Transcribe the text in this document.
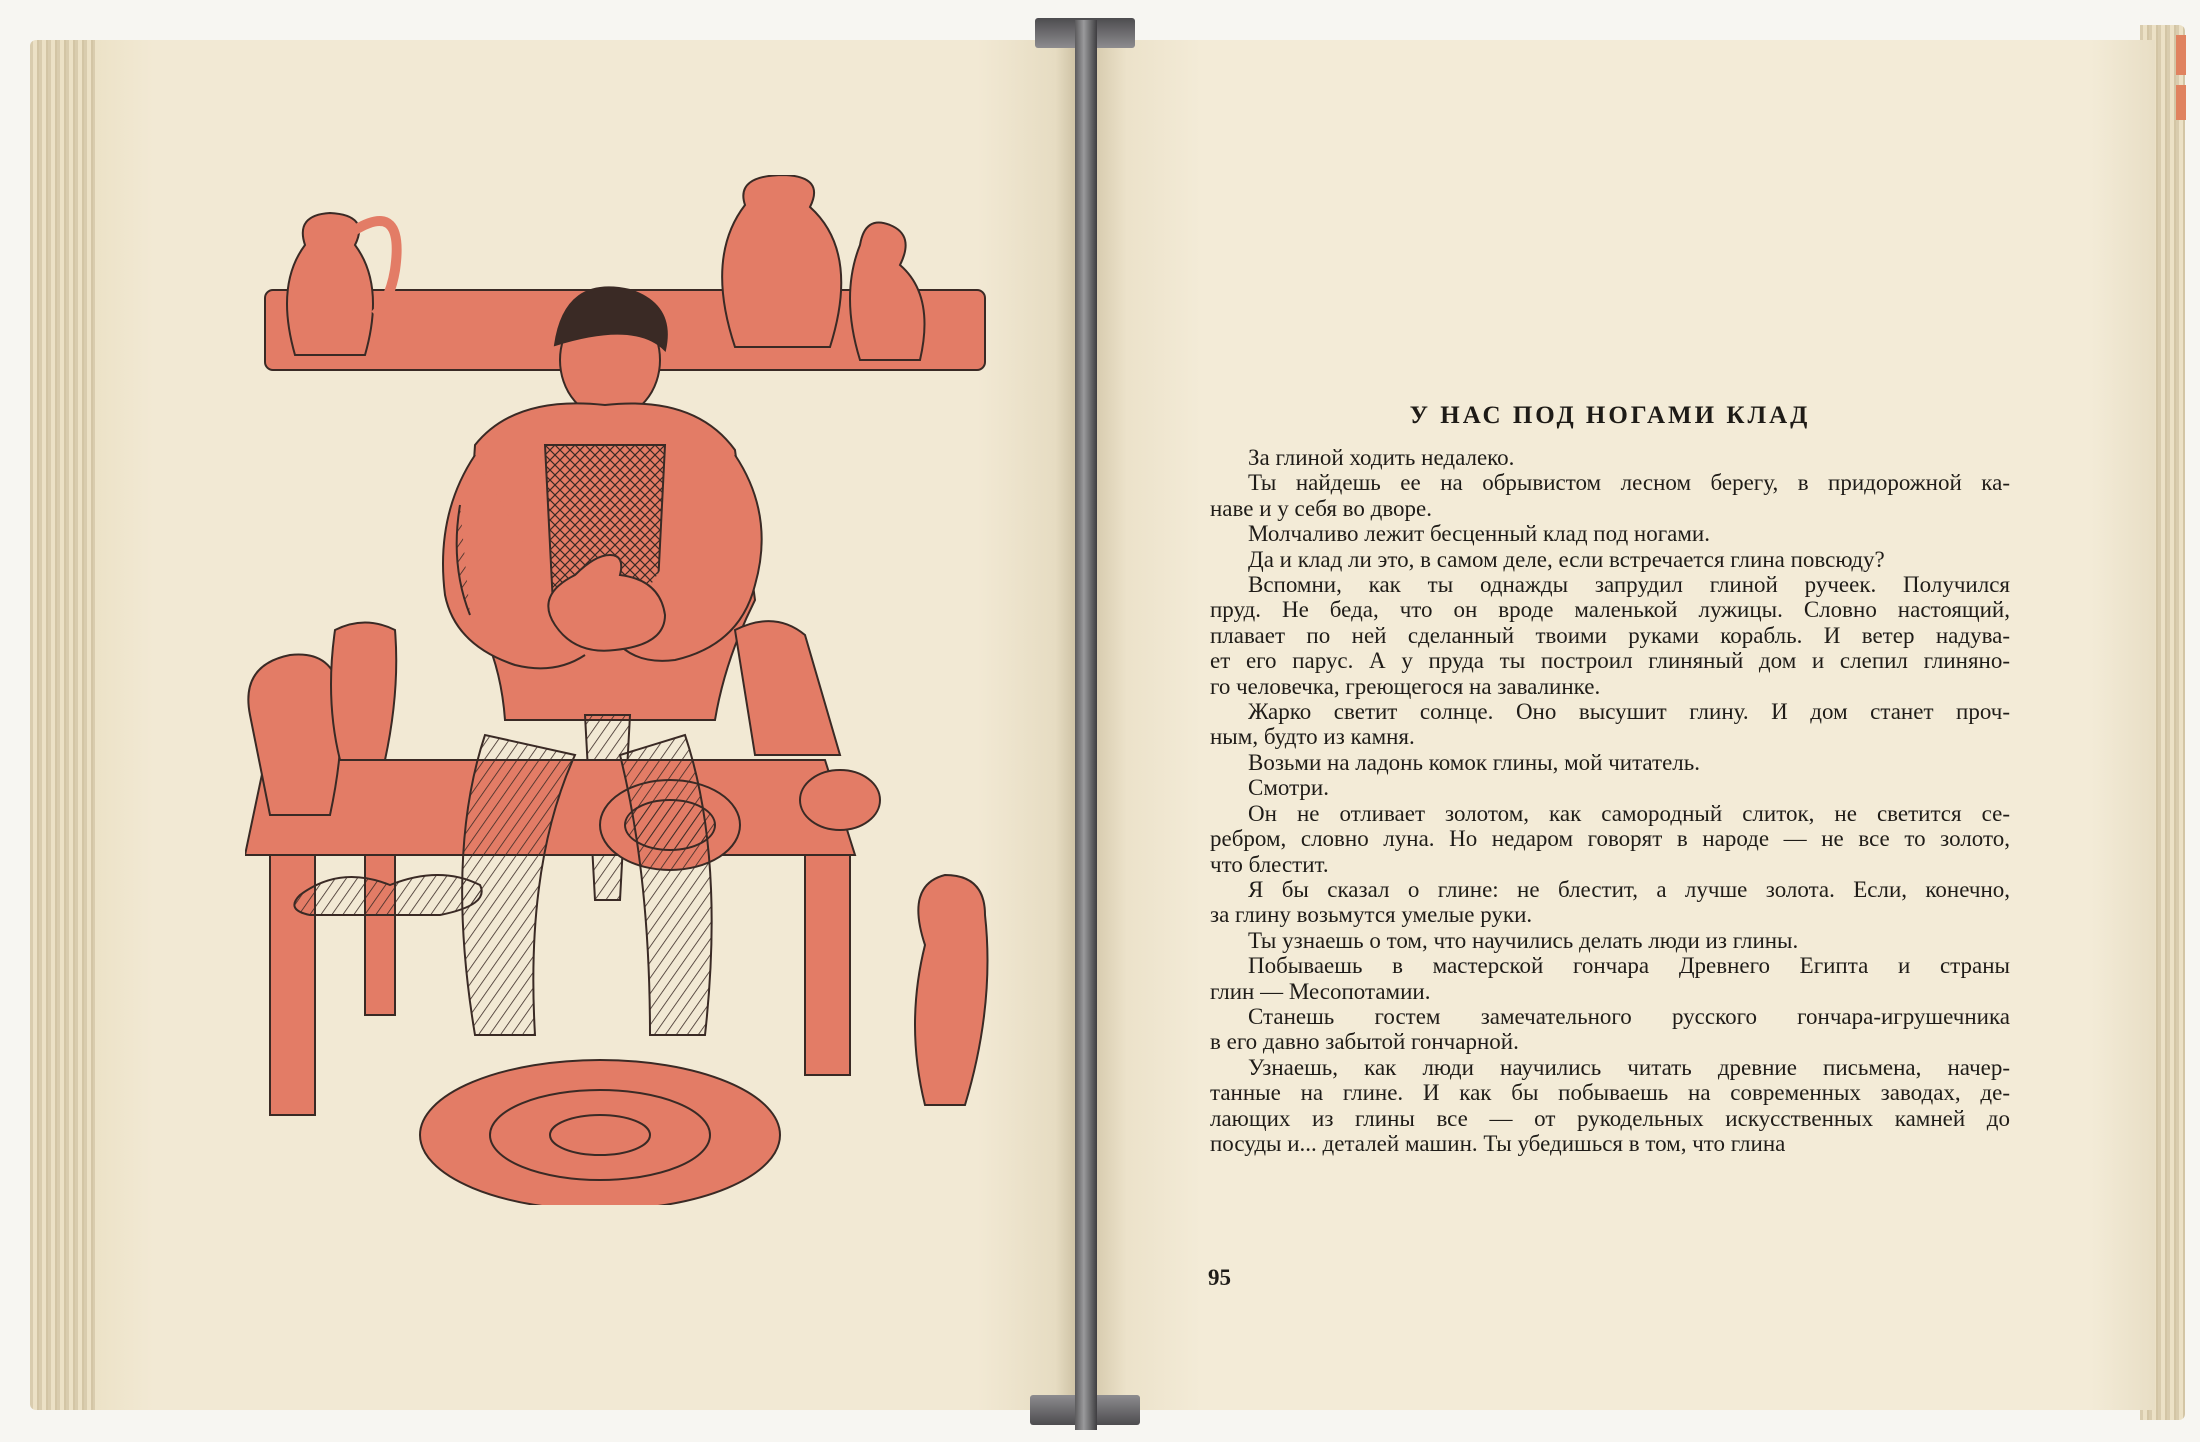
У НАС ПОД НОГАМИ КЛАД

За глиной ходить недалеко.

Ты найдешь ее на обрывистом лесном берегу, в придорожной ка-

наве и у себя во дворе.

Молчаливо лежит бесценный клад под ногами.

Да и клад ли это, в самом деле, если встречается глина повсюду?

Вспомни, как ты однажды запрудил глиной ручеек. Получился

пруд. Не беда, что он вроде маленькой лужицы. Словно настоящий,

плавает по ней сделанный твоими руками корабль. И ветер надува-

ет его парус. А у пруда ты построил глиняный дом и слепил глиняно-

го человечка, греющегося на завалинке.

Жарко светит солнце. Оно высушит глину. И дом станет проч-

ным, будто из камня.

Возьми на ладонь комок глины, мой читатель.

Смотри.

Он не отливает золотом, как самородный слиток, не светится се-

ребром, словно луна. Но недаром говорят в народе — не все то золото,

что блестит.

Я бы сказал о глине: не блестит, а лучше золота. Если, конечно,

за глину возьмутся умелые руки.

Ты узнаешь о том, что научились делать люди из глины.

Побываешь в мастерской гончара Древнего Египта и страны

глин — Месопотамии.

Станешь гостем замечательного русского гончара-игрушечника

в его давно забытой гончарной.

Узнаешь, как люди научились читать древние письмена, начер-

танные на глине. И как бы побываешь на современных заводах, де-

лающих из глины все — от рукодельных искусственных камней до

посуды и... деталей машин. Ты убедишься в том, что глина

95
